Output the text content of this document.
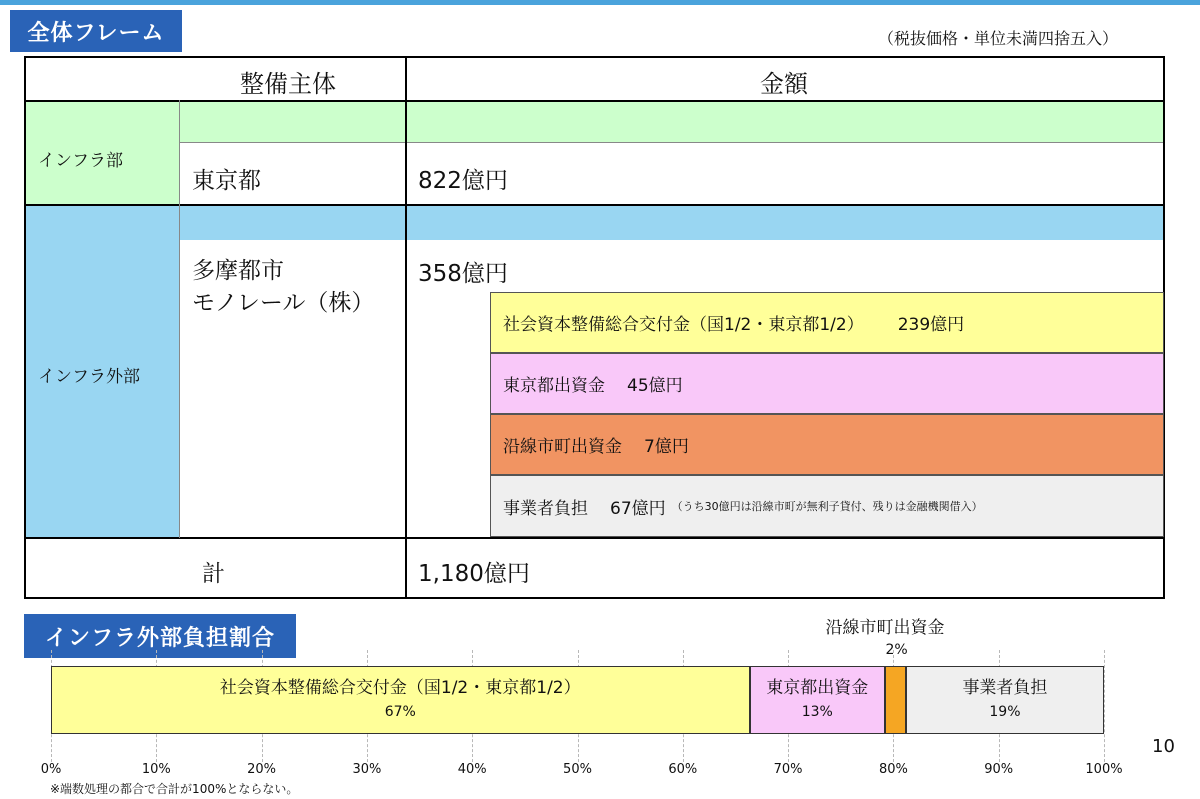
全体フレーム	（税抜価格・単位未満四捨五入）
整備主体	金額
インフラ部
東京都	822億円
インフラ外部
多摩都市
モノレール（株）
358億円
社会資本整備総合交付金（国1/2・東京都1/2） 239億円
東京都出資金 45億円
沿線市町出資金 7億円
事業者負担 67億円 （うち30億円は沿線市町が無利子貸付、残りは金融機関借入）
計	1,180億円
インフラ外部負担割合
社会資本整備総合交付金（国1/2・東京都1/2）
67%
東京都出資金
13%
事業者負担
19%
0%	10%	20%	30%	40%	50%	60%	70%	80%	90%	100%
沿線市町出資金
2%
※端数処理の都合で合計が100%とならない。
10
